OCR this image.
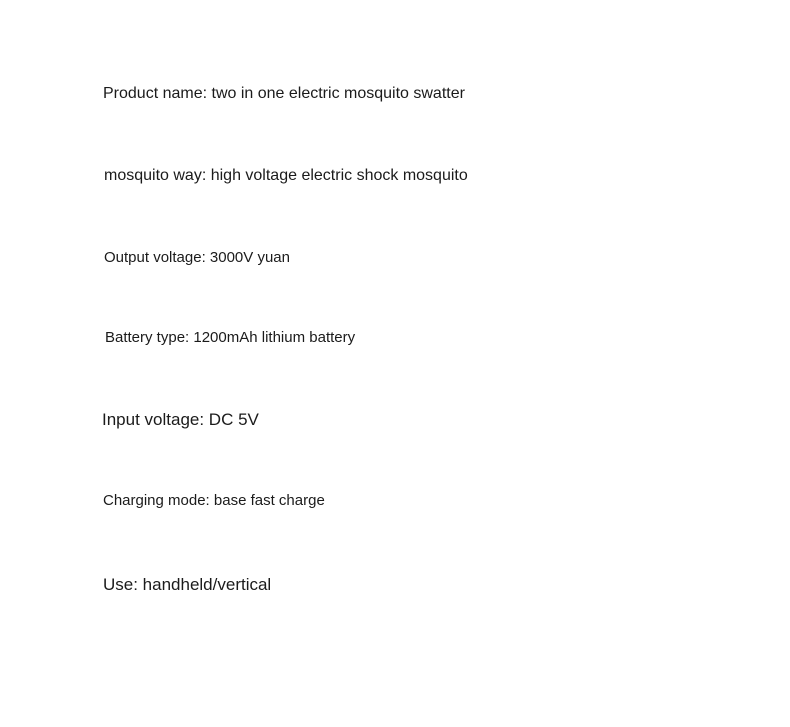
Product name: two in one electric mosquito swatter
mosquito way: high voltage electric shock mosquito
Output voltage: 3000V yuan
Battery type: 1200mAh lithium battery
Input voltage: DC 5V
Charging mode: base fast charge
Use: handheld/vertical
